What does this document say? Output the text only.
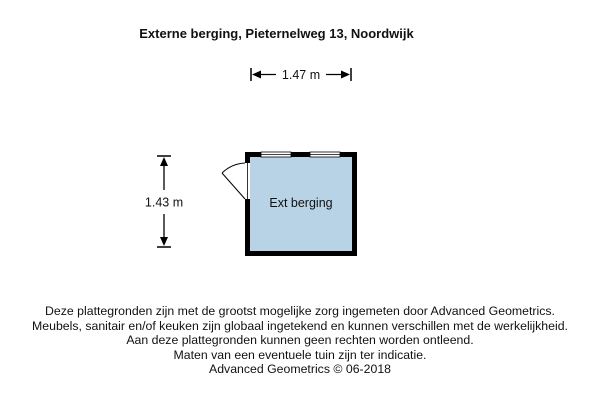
Externe berging, Pieternelweg 13, Noordwijk
1.47 m
1.43 m	Ext berging
Deze plattegronden zijn met de grootst mogelijke zorg ingemeten door Advanced Geometrics.
Meubels, sanitair en/of keuken zijn globaal ingetekend en kunnen verschillen met de werkelijkheid.
Aan deze plattegronden kunnen geen rechten worden ontleend.
Maten van een eventuele tuin zijn ter indicatie.
Advanced Geometrics © 06-2018
